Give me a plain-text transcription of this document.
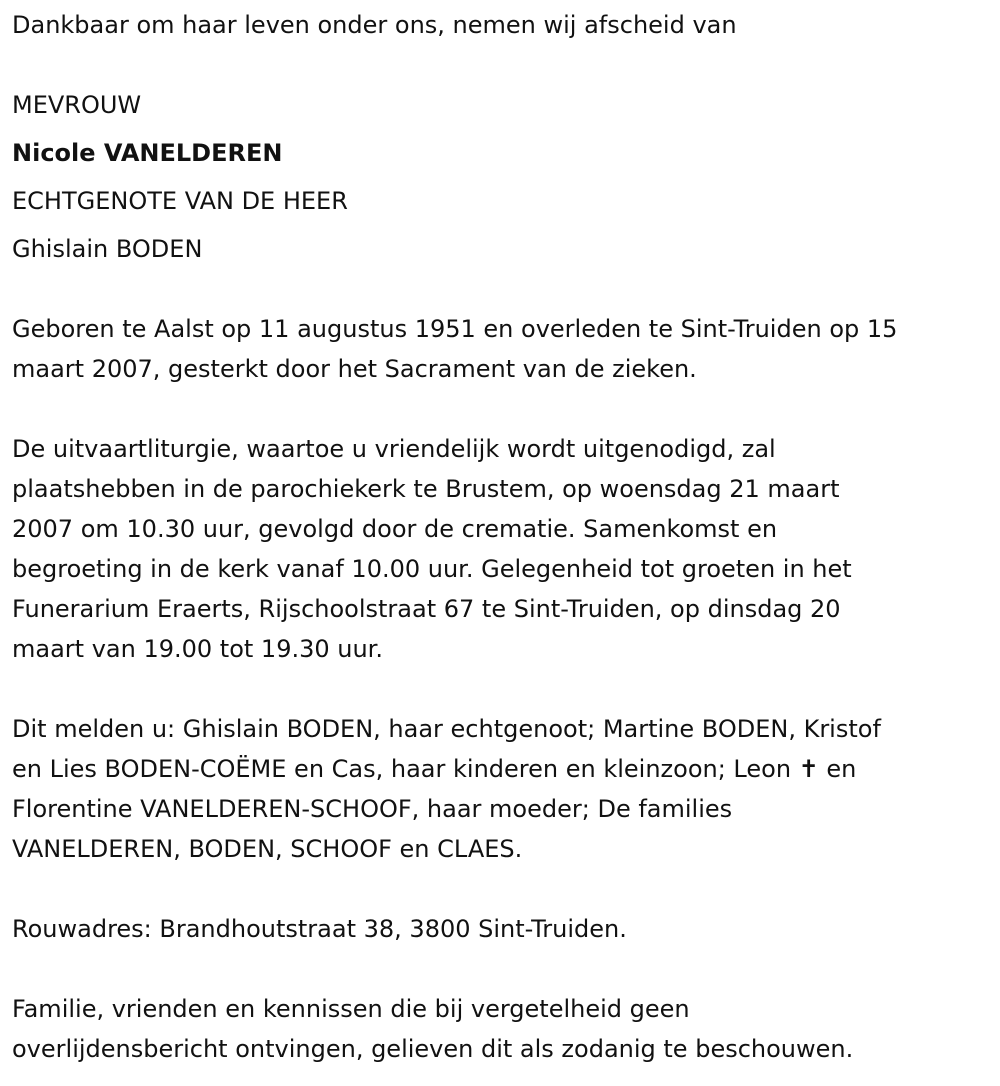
Dankbaar om haar leven onder ons, nemen wij afscheid van
MEVROUW
Nicole VANELDEREN
ECHTGENOTE VAN DE HEER
Ghislain BODEN
Geboren te Aalst op 11 augustus 1951 en overleden te Sint-Truiden op 15
maart 2007, gesterkt door het Sacrament van de zieken.
De uitvaartliturgie, waartoe u vriendelijk wordt uitgenodigd, zal
plaatshebben in de parochiekerk te Brustem, op woensdag 21 maart
2007 om 10.30 uur, gevolgd door de crematie. Samenkomst en
begroeting in de kerk vanaf 10.00 uur. Gelegenheid tot groeten in het
Funerarium Eraerts, Rijschoolstraat 67 te Sint-Truiden, op dinsdag 20
maart van 19.00 tot 19.30 uur.
Dit melden u: Ghislain BODEN, haar echtgenoot; Martine BODEN, Kristof
en Lies BODEN-COËME en Cas, haar kinderen en kleinzoon; Leon ✝ en
Florentine VANELDEREN-SCHOOF, haar moeder; De families
VANELDEREN, BODEN, SCHOOF en CLAES.
Rouwadres: Brandhoutstraat 38, 3800 Sint-Truiden.
Familie, vrienden en kennissen die bij vergetelheid geen
overlijdensbericht ontvingen, gelieven dit als zodanig te beschouwen.
